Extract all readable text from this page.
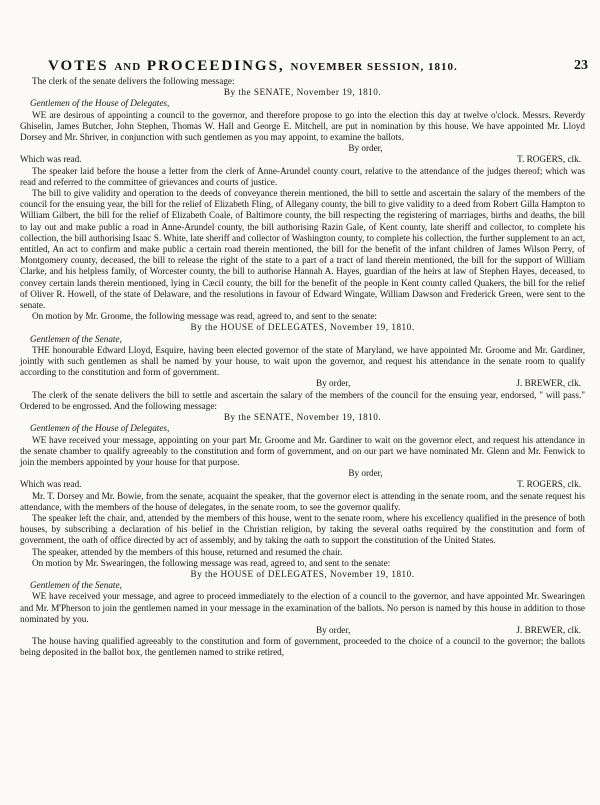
VOTES AND PROCEEDINGS, NOVEMBER SESSION, 1810.	23

The clerk of the senate delivers the following message:

By the SENATE, November 19, 1810.

Gentlemen of the House of Delegates,

WE are desirous of appointing a council to the governor, and therefore propose to go into the election this day at twelve o'clock. Messrs. Reverdy Ghiselin, James Butcher, John Stephen, Thomas W. Hall and George E. Mitchell, are put in nomination by this house. We have appointed Mr. Lloyd Dorsey and Mr. Shriver, in conjunction with such gentlemen as you may appoint, to examine the ballots.

By order,
Which was read.	T. ROGERS, clk.

The speaker laid before the house a letter from the clerk of Anne-Arundel county court, relative to the attendance of the judges thereof; which was read and referred to the committee of grievances and courts of justice.

The bill to give validity and operation to the deeds of conveyance therein mentioned, the bill to settle and ascertain the salary of the members of the council for the ensuing year, the bill for the relief of Elizabeth Fling, of Allegany county, the bill to give validity to a deed from Robert Gilla Hampton to William Gilbert, the bill for the relief of Elizabeth Coale, of Baltimore county, the bill respecting the registering of marriages, births and deaths, the bill to lay out and make public a road in Anne-Arundel county, the bill authorising Razin Gale, of Kent county, late sheriff and collector, to complete his collection, the bill authorising Isaac S. White, late sheriff and collector of Washington county, to complete his collection, the further supplement to an act, entitled, An act to confirm and make public a certain road therein mentioned, the bill for the benefit of the infant children of James Wilson Perry, of Montgomery county, deceased, the bill to release the right of the state to a part of a tract of land therein mentioned, the bill for the support of William Clarke, and his helpless family, of Worcester county, the bill to authorise Hannah A. Hayes, guardian of the heirs at law of Stephen Hayes, deceased, to convey certain lands therein mentioned, lying in Cæcil county, the bill for the benefit of the people in Kent county called Quakers, the bill for the relief of Oliver R. Howell, of the state of Delaware, and the resolutions in favour of Edward Wingate, William Dawson and Frederick Green, were sent to the senate.

On motion by Mr. Groome, the following message was read, agreed to, and sent to the senate:

By the HOUSE of DELEGATES, November 19, 1810.

Gentlemen of the Senate,

THE honourable Edward Lloyd, Esquire, having been elected governor of the state of Maryland, we have appointed Mr. Groome and Mr. Gardiner, jointly with such gentlemen as shall be named by your house, to wait upon the governor, and request his attendance in the senate room to qualify according to the constitution and form of government.

By order,	J. BREWER, clk.

The clerk of the senate delivers the bill to settle and ascertain the salary of the members of the council for the ensuing year, endorsed, " will pass." Ordered to be engrossed. And the following message:

By the SENATE, November 19, 1810.

Gentlemen of the House of Delegates,

WE have received your message, appointing on your part Mr. Groome and Mr. Gardiner to wait on the governor elect, and request his attendance in the senate chamber to qualify agreeably to the constitution and form of government, and on our part we have nominated Mr. Glenn and Mr. Fenwick to join the members appointed by your house for that purpose.

By order,
Which was read.	T. ROGERS, clk.

Mr. T. Dorsey and Mr. Bowie, from the senate, acquaint the speaker, that the governor elect is attending in the senate room, and the senate request his attendance, with the members of the house of delegates, in the senate room, to see the governor qualify.

The speaker left the chair, and, attended by the members of this house, went to the senate room, where his excellency qualified in the presence of both houses, by subscribing a declaration of his belief in the Christian religion, by taking the several oaths required by the constitution and form of government, the oath of office directed by act of assembly, and by taking the oath to support the constitution of the United States.

The speaker, attended by the members of this house, returned and resumed the chair.

On motion by Mr. Swearingen, the following message was read, agreed to, and sent to the senate:

By the HOUSE of DELEGATES, November 19, 1810.

Gentlemen of the Senate,

WE have received your message, and agree to proceed immediately to the election of a council to the governor, and have appointed Mr. Swearingen and Mr. M'Pherson to join the gentlemen named in your message in the examination of the ballots. No person is named by this house in addition to those nominated by you.

By order,	J. BREWER, clk.

The house having qualified agreeably to the constitution and form of government, proceeded to the choice of a council to the governor; the ballots being deposited in the ballot box, the gentlemen named to strike retired,
